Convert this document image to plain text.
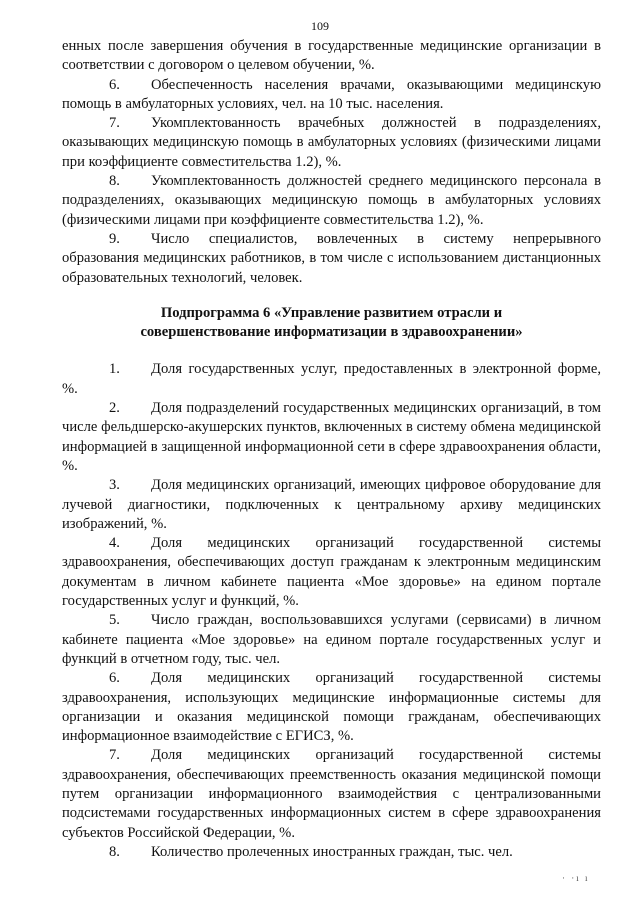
109

енных после завершения обучения в государственные медицинские организации в соответствии с договором о целевом обучении, %.

6. Обеспеченность населения врачами, оказывающими медицинскую помощь в амбулаторных условиях, чел. на 10 тыс. населения.

7. Укомплектованность врачебных должностей в подразделениях, оказывающих медицинскую помощь в амбулаторных условиях (физическими лицами при коэффициенте совместительства 1.2), %.

8. Укомплектованность должностей среднего медицинского персонала в подразделениях, оказывающих медицинскую помощь в амбулаторных условиях (физическими лицами при коэффициенте совместительства 1.2), %.

9. Число специалистов, вовлеченных в систему непрерывного образования медицинских работников, в том числе с использованием дистанционных образовательных технологий, человек.

Подпрограмма 6 «Управление развитием отрасли и совершенствование информатизации в здравоохранении»

1. Доля государственных услуг, предоставленных в электронной форме, %.

2. Доля подразделений государственных медицинских организаций, в том числе фельдшерско-акушерских пунктов, включенных в систему обмена медицинской информацией в защищенной информационной сети в сфере здравоохранения области, %.

3. Доля медицинских организаций, имеющих цифровое оборудование для лучевой диагностики, подключенных к центральному архиву медицинских изображений, %.

4. Доля медицинских организаций государственной системы здравоохранения, обеспечивающих доступ гражданам к электронным медицинским документам в личном кабинете пациента «Мое здоровье» на едином портале государственных услуг и функций, %.

5. Число граждан, воспользовавшихся услугами (сервисами) в личном кабинете пациента «Мое здоровье» на едином портале государственных услуг и функций в отчетном году, тыс. чел.

6. Доля медицинских организаций государственной системы здравоохранения, использующих медицинские информационные системы для организации и оказания медицинской помощи гражданам, обеспечивающих информационное взаимодействие с ЕГИСЗ, %.

7. Доля медицинских организаций государственной системы здравоохранения, обеспечивающих преемственность оказания медицинской помощи путем организации информационного взаимодействия с централизованными подсистемами государственных информационных систем в сфере здравоохранения субъектов Российской Федерации, %.

8. Количество пролеченных иностранных граждан, тыс. чел.

· ·ı ı
